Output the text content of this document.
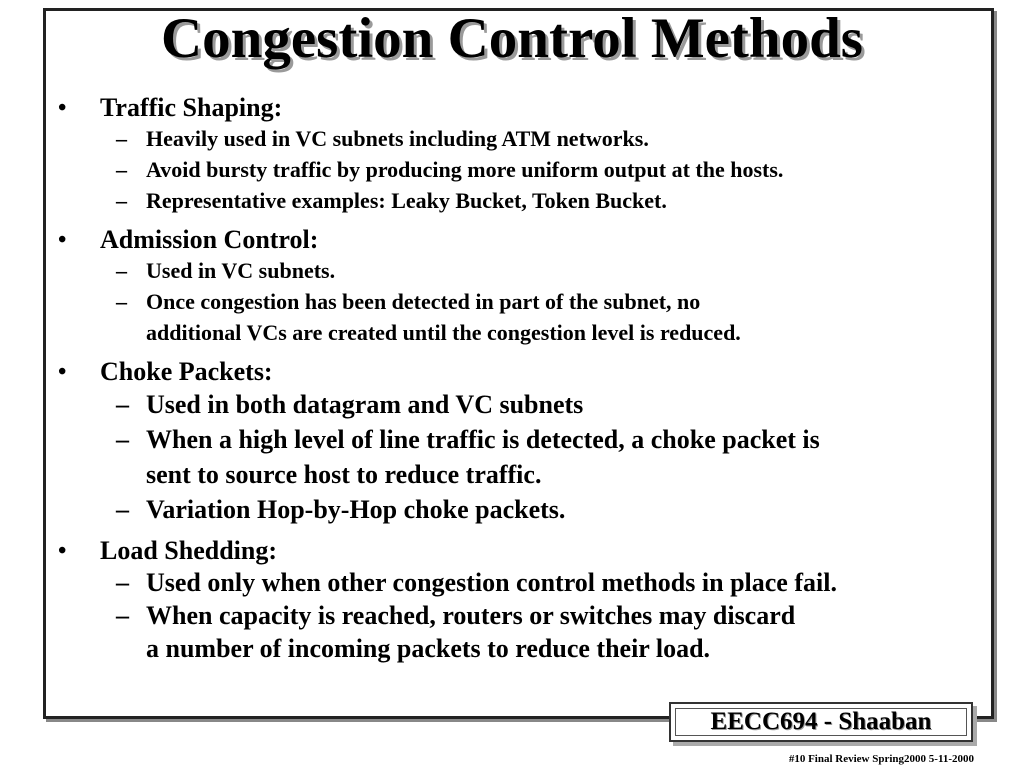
Congestion Control Methods
•	Traffic Shaping:
– Heavily used in VC subnets including ATM networks.
– Avoid bursty traffic by producing more uniform output at the hosts.
– Representative examples: Leaky Bucket, Token Bucket.
•	Admission Control:
– Used in VC subnets.
– Once congestion has been detected in part of the subnet, no
additional VCs are created until the congestion level is reduced.
•	Choke Packets:
– Used in both datagram and VC subnets
– When a high level of line traffic is detected, a choke packet is
sent to source host to reduce traffic.
– Variation Hop-by-Hop choke packets.
•	Load Shedding:
– Used only when other congestion control methods in place fail.
– When capacity is reached, routers or switches may discard
a number of incoming packets to reduce their load.
EECC694 - Shaaban
#10 Final Review Spring2000 5-11-2000
